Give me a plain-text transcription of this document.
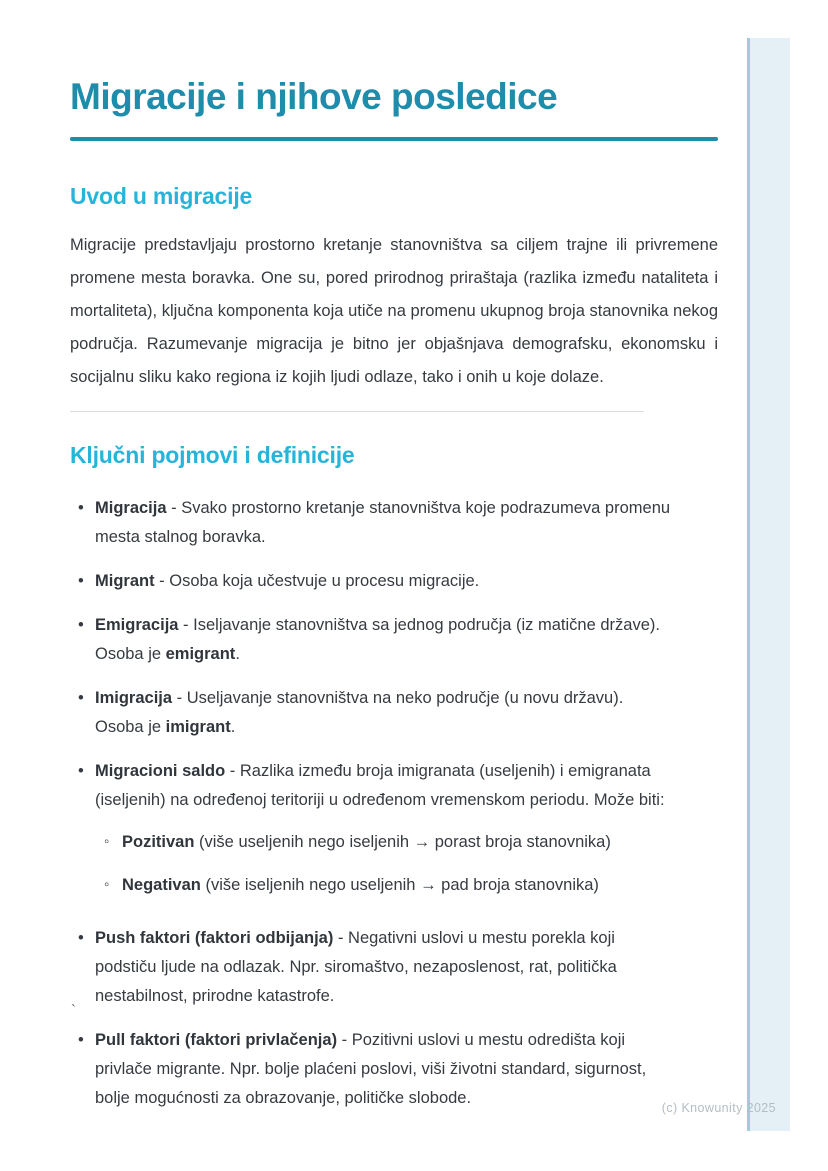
Migracije i njihove posledice
Uvod u migracije

Migracije predstavljaju prostorno kretanje stanovništva sa ciljem trajne ili privremene promene mesta boravka. One su, pored prirodnog priraštaja (razlika između nataliteta i mortaliteta), ključna komponenta koja utiče na promenu ukupnog broja stanovnika nekog područja. Razumevanje migracija je bitno jer objašnjava demografsku, ekonomsku i socijalnu sliku kako regiona iz kojih ljudi odlaze, tako i onih u koje dolaze.

Ključni pojmovi i definicije
• Migracija - Svako prostorno kretanje stanovništva koje podrazumeva promenu mesta stalnog boravka.
• Migrant - Osoba koja učestvuje u procesu migracije.
• Emigracija - Iseljavanje stanovništva sa jednog područja (iz matične države). Osoba je emigrant.
• Imigracija - Useljavanje stanovništva na neko područje (u novu državu). Osoba je imigrant.
• Migracioni saldo - Razlika između broja imigranata (useljenih) i emigranata (iseljenih) na određenoj teritoriji u određenom vremenskom periodu. Može biti:
◦ Pozitivan (više useljenih nego iseljenih → porast broja stanovnika)
◦ Negativan (više iseljenih nego useljenih → pad broja stanovnika)
• Push faktori (faktori odbijanja) - Negativni uslovi u mestu porekla koji podstiču ljude na odlazak. Npr. siromaštvo, nezaposlenost, rat, politička nestabilnost, prirodne katastrofe.
• Pull faktori (faktori privlačenja) - Pozitivni uslovi u mestu odredišta koji privlače migrante. Npr. bolje plaćeni poslovi, viši životni standard, sigurnost, bolje mogućnosti za obrazovanje, političke slobode.
`
(c) Knowunity 2025
